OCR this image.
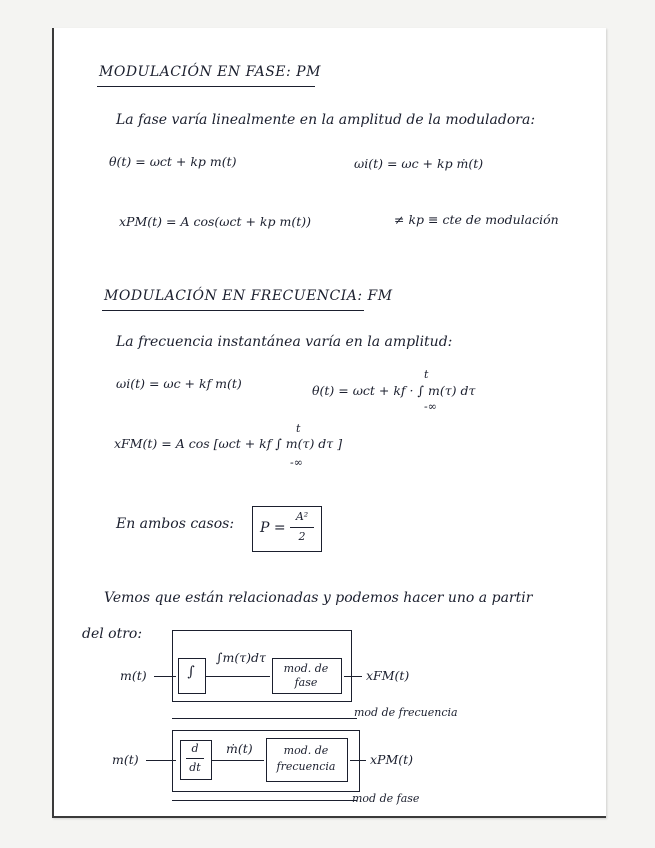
MODULACIÓN EN FASE: PM
La fase varía linealmente en la amplitud de la moduladora:
θ(t) = ωct + kp m(t)	ωi(t) = ωc + kp ṁ(t)
xPM(t) = A cos(ωct + kp m(t))	≠ kp ≡ cte de modulación
MODULACIÓN EN FRECUENCIA: FM
La frecuencia instantánea varía en la amplitud:
ωi(t) = ωc + kf m(t)	θ(t) = ωct + kf · ∫ m(τ) dτ
t
-∞
xFM(t) = A cos [ωct + kf ∫ m(τ) dτ ]
t
-∞
En ambos casos: P =
A²
2
Vemos que están relacionadas y podemos hacer uno a partir
del otro:
m(t)	∫
∫m(τ)dτ
mod. de
fase	xFM(t)
mod de frecuencia
m(t)
d
dt
ṁ(t)	mod. de
frecuencia	xPM(t)
mod de fase
